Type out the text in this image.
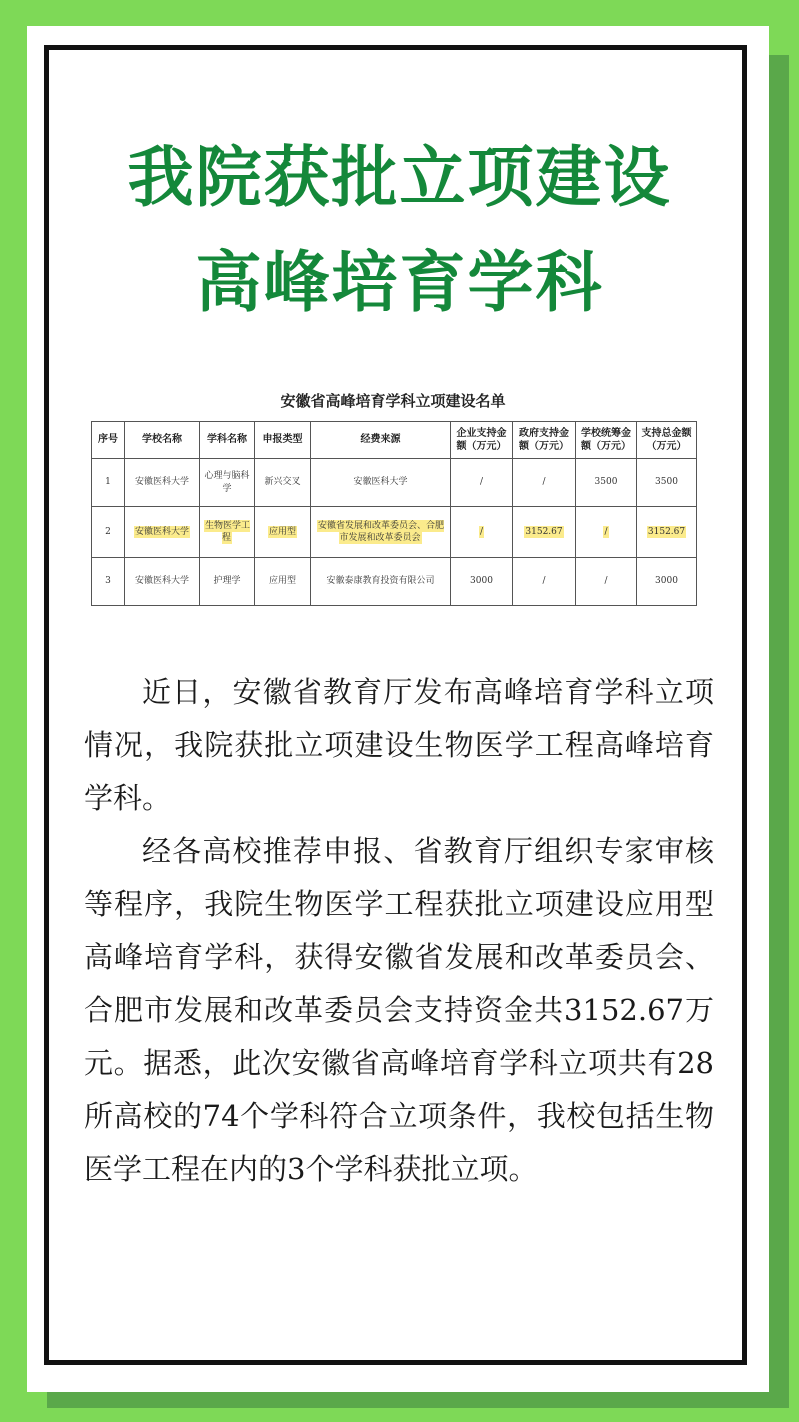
我院获批立项建设
高峰培育学科
安徽省高峰培育学科立项建设名单
序号	学校名称	学科名称	申报类型	经费来源	企业支持金额（万元）	政府支持金额（万元）	学校统筹金额（万元）	支持总金额（万元）
1	安徽医科大学	心理与脑科学	新兴交叉	安徽医科大学	/	/	3500	3500
2	安徽医科大学	生物医学工程	应用型	安徽省发展和改革委员会、合肥市发展和改革委员会	/	3152.67	/	3152.67
3	安徽医科大学	护理学	应用型	安徽泰康教育投资有限公司	3000	/	/	3000

近日，安徽省教育厅发布高峰培育学科立项情况，我院获批立项建设生物医学工程高峰培育学科。

经各高校推荐申报、省教育厅组织专家审核等程序，我院生物医学工程获批立项建设应用型高峰培育学科，获得安徽省发展和改革委员会、合肥市发展和改革委员会支持资金共3152.67万元。据悉，此次安徽省高峰培育学科立项共有28所高校的74个学科符合立项条件，我校包括生物医学工程在内的3个学科获批立项。
